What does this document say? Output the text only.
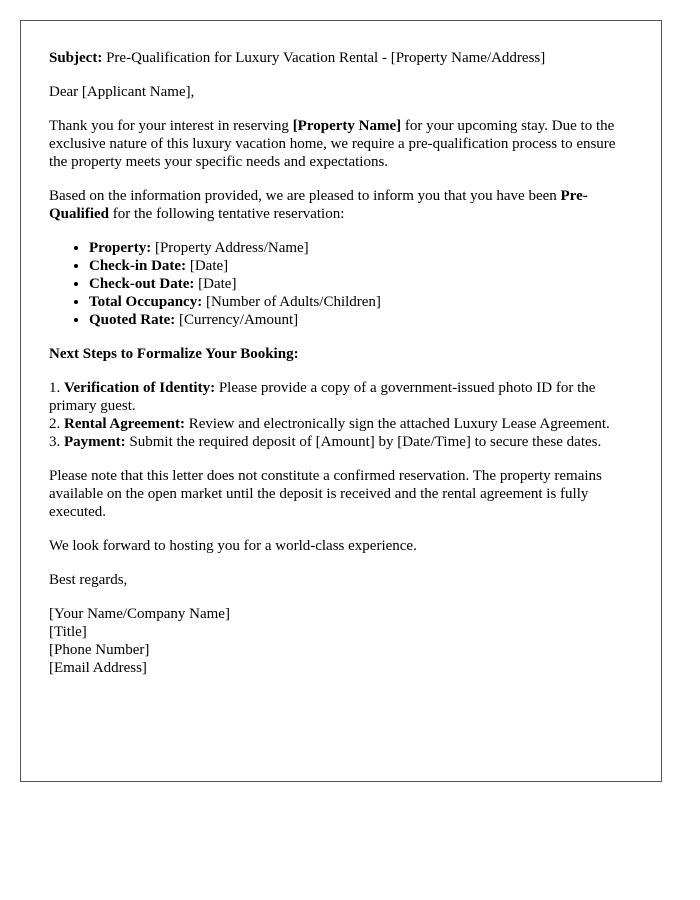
Subject: Pre-Qualification for Luxury Vacation Rental - [Property Name/Address]

Dear [Applicant Name],

Thank you for your interest in reserving [Property Name] for your upcoming stay. Due to the exclusive nature of this luxury vacation home, we require a pre-qualification process to ensure the property meets your specific needs and expectations.

Based on the information provided, we are pleased to inform you that you have been Pre-Qualified for the following tentative reservation:

• Property: [Property Address/Name]
• Check-in Date: [Date]
• Check-out Date: [Date]
• Total Occupancy: [Number of Adults/Children]
• Quoted Rate: [Currency/Amount]

Next Steps to Formalize Your Booking:

1. Verification of Identity: Please provide a copy of a government-issued photo ID for the primary guest.
2. Rental Agreement: Review and electronically sign the attached Luxury Lease Agreement.
3. Payment: Submit the required deposit of [Amount] by [Date/Time] to secure these dates.

Please note that this letter does not constitute a confirmed reservation. The property remains available on the open market until the deposit is received and the rental agreement is fully executed.

We look forward to hosting you for a world-class experience.

Best regards,

[Your Name/Company Name]
[Title]
[Phone Number]
[Email Address]
